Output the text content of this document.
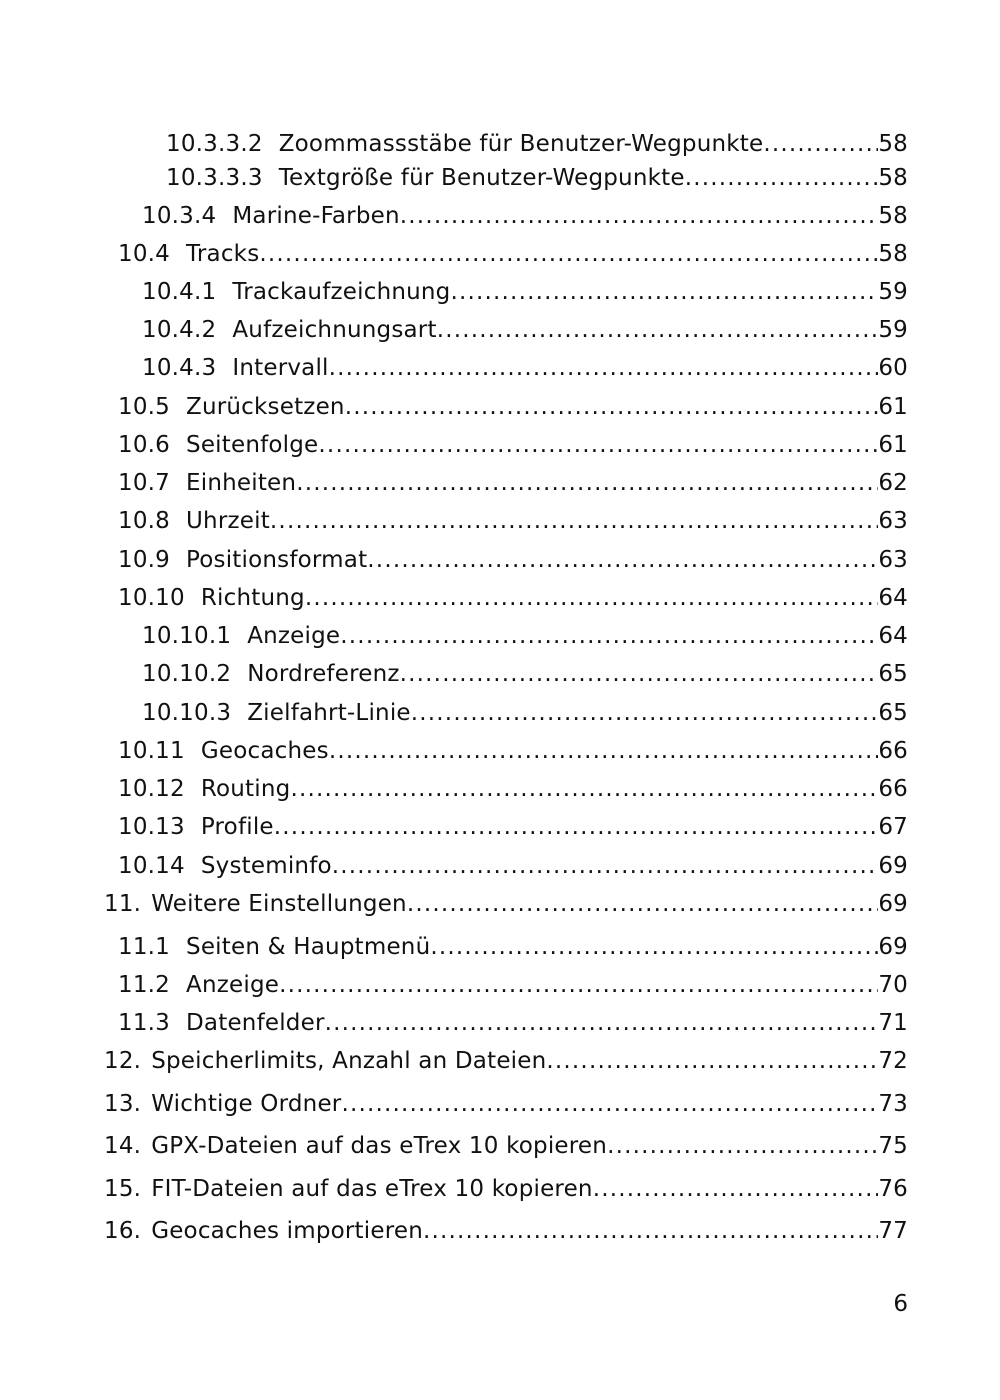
10.3.3.2 Zoommassstäbe für Benutzer-Wegpunkte .....	58
10.3.3.3 Textgröße für Benutzer-Wegpunkte .....	58
10.3.4 Marine-Farben .....	58
10.4 Tracks .....	58
10.4.1 Trackaufzeichnung .....	59
10.4.2 Aufzeichnungsart .....	59
10.4.3 Intervall .....	60
10.5 Zurücksetzen .....	61
10.6 Seitenfolge .....	61
10.7 Einheiten .....	62
10.8 Uhrzeit .....	63
10.9 Positionsformat .....	63
10.10 Richtung .....	64
10.10.1 Anzeige .....	64
10.10.2 Nordreferenz .....	65
10.10.3 Zielfahrt-Linie .....	65
10.11 Geocaches .....	66
10.12 Routing .....	66
10.13 Profile .....	67
10.14 Systeminfo .....	69
11. Weitere Einstellungen .....	69
11.1 Seiten & Hauptmenü .....	69
11.2 Anzeige .....	70
11.3 Datenfelder .....	71
12. Speicherlimits, Anzahl an Dateien .....	72
13. Wichtige Ordner .....	73
14. GPX-Dateien auf das eTrex 10 kopieren .....	75
15. FIT-Dateien auf das eTrex 10 kopieren .....	76
16. Geocaches importieren .....	77
6
